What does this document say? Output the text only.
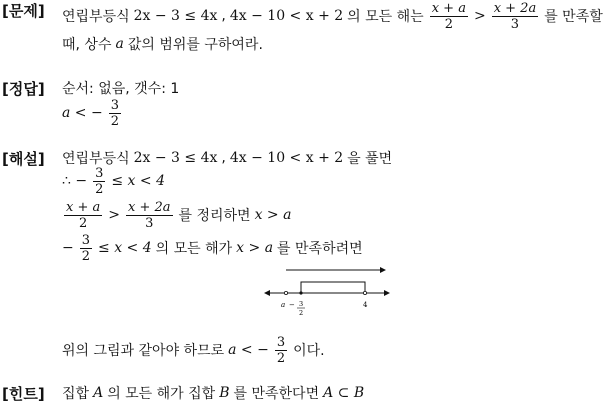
[문제] 연립부등식 2x − 3 ≤ 4x , 4x − 10 < x + 2 의 모든 해는 $\frac{x + a}{2} > \frac{x + 2a}{3}$ 를 만족할
때, 상수 a 값의 범위를 구하여라.
[정답] 순서: 없음, 갯수: 1
a < − $\frac{3}{2}$
[해설] 연립부등식 2x − 3 ≤ 4x , 4x − 10 < x + 2 을 풀면
∴ − $\frac{3}{2} \le x < 4$
$\frac{x + a}{2} > \frac{x + 2a}{3}$ 를 정리하면 x > a
− $\frac{3}{2} \le x < 4$ 의 모든 해가 x > a 를 만족하려면
a − 3
2
4
위의 그림과 같아야 하므로 a < − $\frac{3}{2}$ 이다.
[힌트] 집합 A 의 모든 해가 집합 B 를 만족한다면 A ⊂ B
